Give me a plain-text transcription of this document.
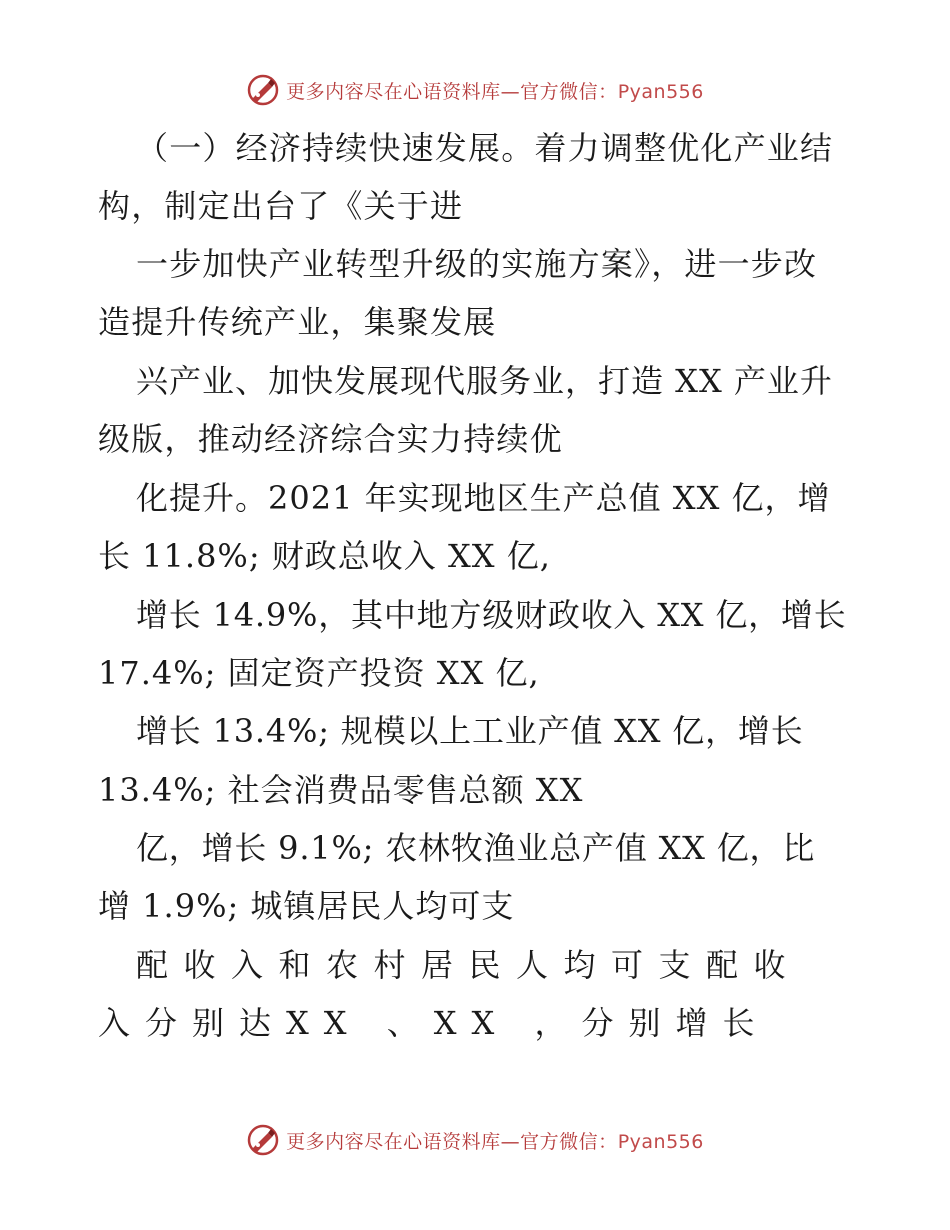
更多内容尽在心语资料库—官方微信：Pyan556
（一）经济持续快速发展。着力调整优化产业结
构，制定出台了《关于进
一步加快产业转型升级的实施方案》，进一步改
造提升传统产业，集聚发展
兴产业、加快发展现代服务业，打造 XX 产业升
级版，推动经济综合实力持续优
化提升。2021 年实现地区生产总值 XX 亿，增
长 11.8%; 财政总收入 XX 亿,
增长 14.9%，其中地方级财政收入 XX 亿，增长
17.4%; 固定资产投资 XX 亿,
增长 13.4%; 规模以上工业产值 XX 亿，增长
13.4%; 社会消费品零售总额 XX
亿，增长 9.1%; 农林牧渔业总产值 XX 亿，比
增 1.9%; 城镇居民人均可支
配收入和农村居民人均可支配收
入分别达XX 、XX ，分别增长
更多内容尽在心语资料库—官方微信：Pyan556
